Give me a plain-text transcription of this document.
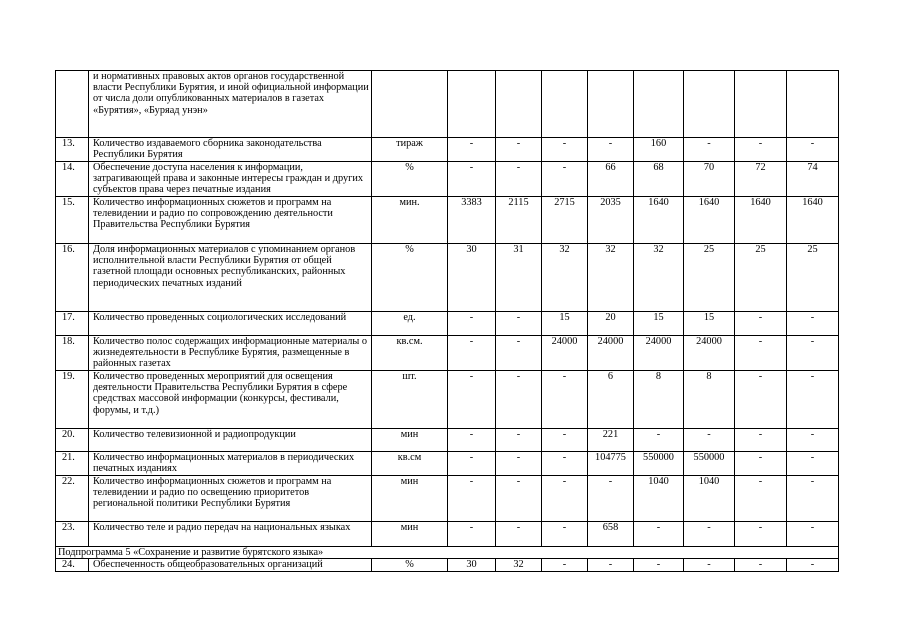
	и нормативных правовых актов органов государственной власти Республики Бурятия, и иной официальной информации от числа доли опубликованных материалов в газетах «Бурятия», «Буряад унэн»									
13.	Количество издаваемого сборника законодательства Республики Бурятия	тираж	-	-	-	-	160	-	-	-
14.	Обеспечение доступа населения к информации, затрагивающей права и законные интересы граждан и других субъектов права через печатные издания	%	-	-	-	66	68	70	72	74
15.	Количество информационных сюжетов и программ на телевидении и радио по сопровождению деятельности Правительства Республики Бурятия	мин.	3383	2115	2715	2035	1640	1640	1640	1640
16.	Доля информационных материалов с упоминанием органов исполнительной власти Республики Бурятия от общей газетной площади основных республиканских, районных периодических печатных изданий	%	30	31	32	32	32	25	25	25
17.	Количество проведенных социологических исследований	ед.	-	-	15	20	15	15	-	-
18.	Количество полос содержащих информационные материалы о жизнедеятельности в Республике Бурятия, размещенные в районных газетах	кв.см.	-	-	24000	24000	24000	24000	-	-
19.	Количество проведенных мероприятий для освещения деятельности Правительства Республики Бурятия в сфере средствах массовой информации (конкурсы, фестивали, форумы, и т.д.)	шт.	-	-	-	6	8	8	-	-
20.	Количество телевизионной и радиопродукции	мин	-	-	-	221	-	-	-	-
21.	Количество информационных материалов в периодических печатных изданиях	кв.см	-	-	-	104775	550000	550000	-	-
22.	Количество информационных сюжетов и программ на телевидении и радио по освещению приоритетов региональной политики Республики Бурятия	мин	-	-	-	-	1040	1040	-	-
23.	Количество теле и радио передач на национальных языках	мин	-	-	-	658	-	-	-	-
Подпрограмма 5 «Сохранение и развитие бурятского языка»										
24.	Обеспеченность общеобразовательных организаций	%	30	32	-	-	-	-	-	-
